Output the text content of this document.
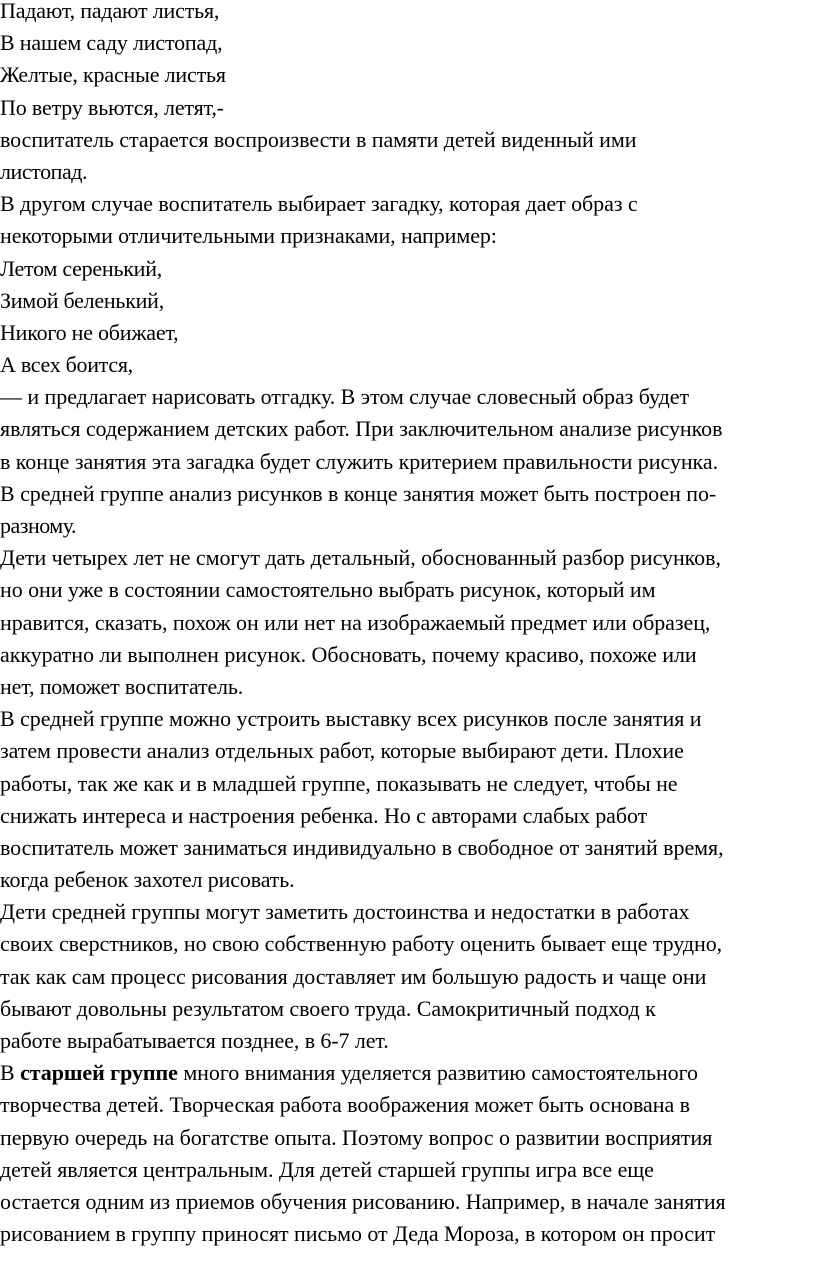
Падают, падают листья,
В нашем саду листопад,
Желтые, красные листья
По ветру вьются, летят,-
воспитатель старается воспроизвести в памяти детей виденный ими
листопад.
В другом случае воспитатель выбирает загадку, которая дает образ с
некоторыми отличительными признаками, например:
Летом серенький,
Зимой беленький,
Никого не обижает,
А всех боится,
— и предлагает нарисовать отгадку. В этом случае словесный образ будет
являться содержанием детских работ. При заключительном анализе рисунков
в конце занятия эта загадка будет служить критерием правильности рисунка.
В средней группе анализ рисунков в конце занятия может быть построен по-
разному.
Дети четырех лет не смогут дать детальный, обоснованный разбор рисунков,
но они уже в состоянии самостоятельно выбрать рисунок, который им
нравится, сказать, похож он или нет на изображаемый предмет или образец,
аккуратно ли выполнен рисунок. Обосновать, почему красиво, похоже или
нет, поможет воспитатель.
В средней группе можно устроить выставку всех рисунков после занятия и
затем провести анализ отдельных работ, которые выбирают дети. Плохие
работы, так же как и в младшей группе, показывать не следует, чтобы не
снижать интереса и настроения ребенка. Но с авторами слабых работ
воспитатель может заниматься индивидуально в свободное от занятий время,
когда ребенок захотел рисовать.
Дети средней группы могут заметить достоинства и недостатки в работах
своих сверстников, но свою собственную работу оценить бывает еще трудно,
так как сам процесс рисования доставляет им большую радость и чаще они
бывают довольны результатом своего труда. Самокритичный подход к
работе вырабатывается позднее, в 6-7 лет.
В старшей группе много внимания уделяется развитию самостоятельного
творчества детей. Творческая работа воображения может быть основана в
первую очередь на богатстве опыта. Поэтому вопрос о развитии восприятия
детей является центральным. Для детей старшей группы игра все еще
остается одним из приемов обучения рисованию. Например, в начале занятия
рисованием в группу приносят письмо от Деда Мороза, в котором он просит
